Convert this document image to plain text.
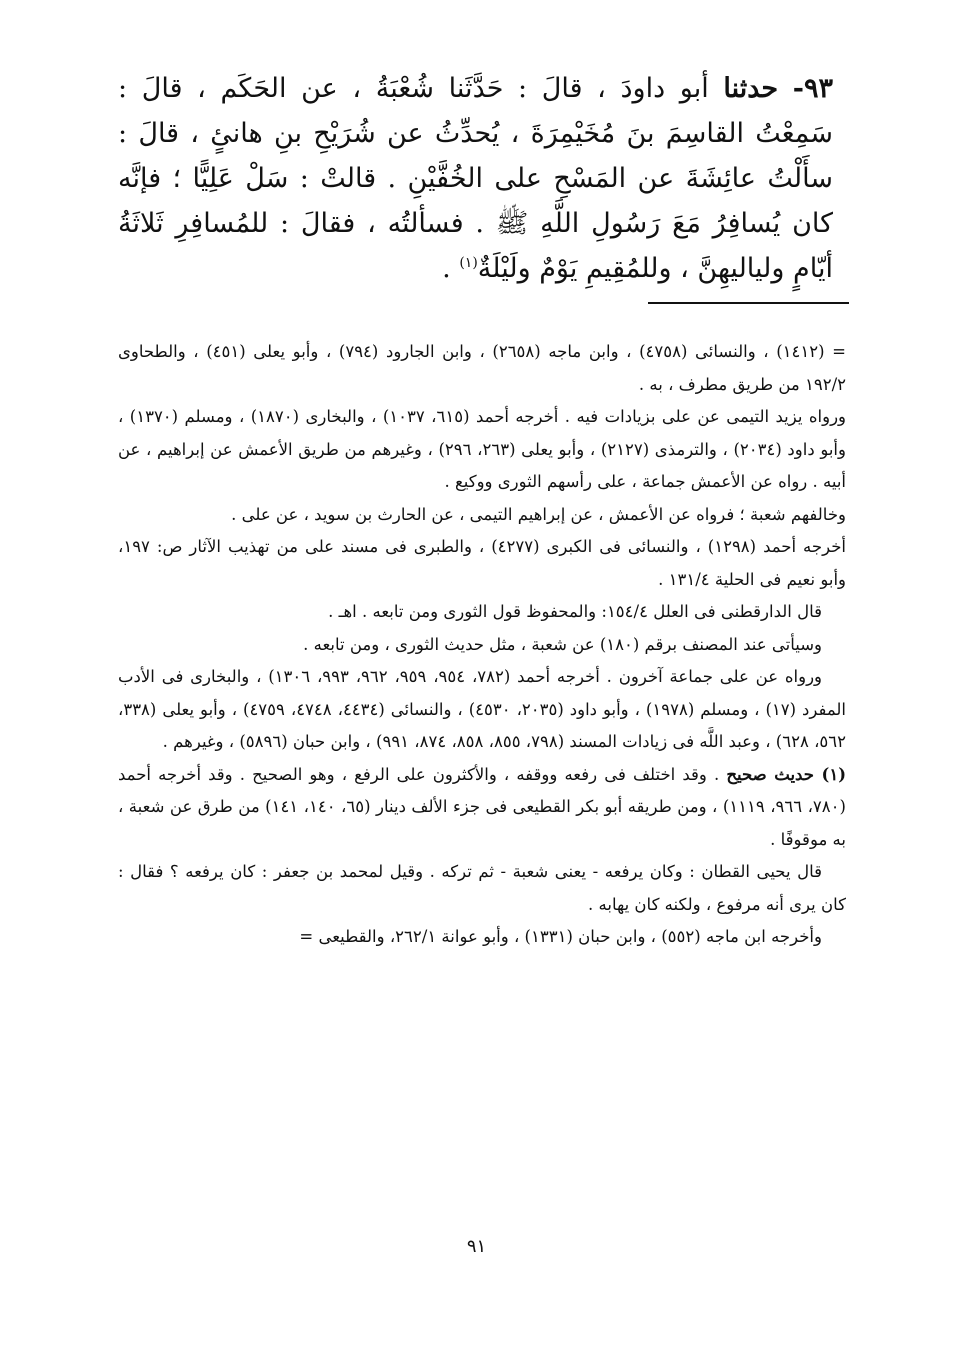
٩٣- حدثنا أبو داودَ ، قالَ : حَدَّثَنا شُعْبَةُ ، عن الحَكَم ، قالَ : سَمِعْتُ القاسِمَ بنَ مُخَيْمِرَةَ ، يُحدِّثُ عن شُرَيْحِ بنِ هانئٍ ، قالَ : سأَلْتُ عائِشَةَ عن المَسْحِ على الخُفَّيْنِ . قالتْ : سَلْ عَلِيًّا ؛ فإنَّه كان يُسافِرُ مَعَ رَسُولِ اللَّهِ ﷺ . فسألتُه ، فقالَ : للمُسافِرِ ثَلاثَةُ أيّامٍ ولياليهِنَّ ، وللمُقِيمِ يَوْمٌ ولَيْلَةٌ$^{(١)}$ .

= (١٤١٢) ، والنسائى (٤٧٥٨) ، وابن ماجه (٢٦٥٨) ، وابن الجارود (٧٩٤) ، وأبو يعلى (٤٥١) ، والطحاوى ١٩٢/٢ من طريق مطرف ، به .

ورواه يزيد التيمى عن على بزيادات فيه . أخرجه أحمد (٦١٥، ١٠٣٧) ، والبخارى (١٨٧٠) ، ومسلم (١٣٧٠) ، وأبو داود (٢٠٣٤) ، والترمذى (٢١٢٧) ، وأبو يعلى (٢٦٣، ٢٩٦) ، وغيرهم من طريق الأعمش عن إبراهيم ، عن أبيه . رواه عن الأعمش جماعة ، على رأسهم الثورى ووكيع .

وخالفهم شعبة ؛ فرواه عن الأعمش ، عن إبراهيم التيمى ، عن الحارث بن سويد ، عن على .

أخرجه أحمد (١٢٩٨) ، والنسائى فى الكبرى (٤٢٧٧) ، والطبرى فى مسند على من تهذيب الآثار ص: ١٩٧، وأبو نعيم فى الحلية ١٣١/٤ .

قال الدارقطنى فى العلل ١٥٤/٤: والمحفوظ قول الثورى ومن تابعه . اهـ .

وسيأتى عند المصنف برقم (١٨٠) عن شعبة ، مثل حديث الثورى ، ومن تابعه .

ورواه عن على جماعة آخرون . أخرجه أحمد (٧٨٢، ٩٥٤، ٩٥٩، ٩٦٢، ٩٩٣، ١٣٠٦) ، والبخارى فى الأدب المفرد (١٧) ، ومسلم (١٩٧٨) ، وأبو داود (٢٠٣٥، ٤٥٣٠) ، والنسائى (٤٤٣٤، ٤٧٤٨، ٤٧٥٩) ، وأبو يعلى (٣٣٨، ٥٦٢، ٦٢٨) ، وعبد اللَّه فى زيادات المسند (٧٩٨، ٨٥٥، ٨٥٨، ٨٧٤، ٩٩١) ، وابن حبان (٥٨٩٦) ، وغيرهم .

(١) حديث صحيح . وقد اختلف فى رفعه ووقفه ، والأكثرون على الرفع ، وهو الصحيح . وقد أخرجه أحمد (٧٨٠، ٩٦٦، ١١١٩) ، ومن طريقه أبو بكر القطيعى فى جزء الألف دينار (٦٥، ١٤٠، ١٤١) من طرق عن شعبة ، به موقوفًا .

قال يحيى القطان : وكان يرفعه - يعنى شعبة - ثم تركه . وقيل لمحمد بن جعفر : كان يرفعه ؟ فقال : كان يرى أنه مرفوع ، ولكنه كان يهابه .

وأخرجه ابن ماجه (٥٥٢) ، وابن حبان (١٣٣١) ، وأبو عوانة ٢٦٢/١، والقطيعى =

٩١
